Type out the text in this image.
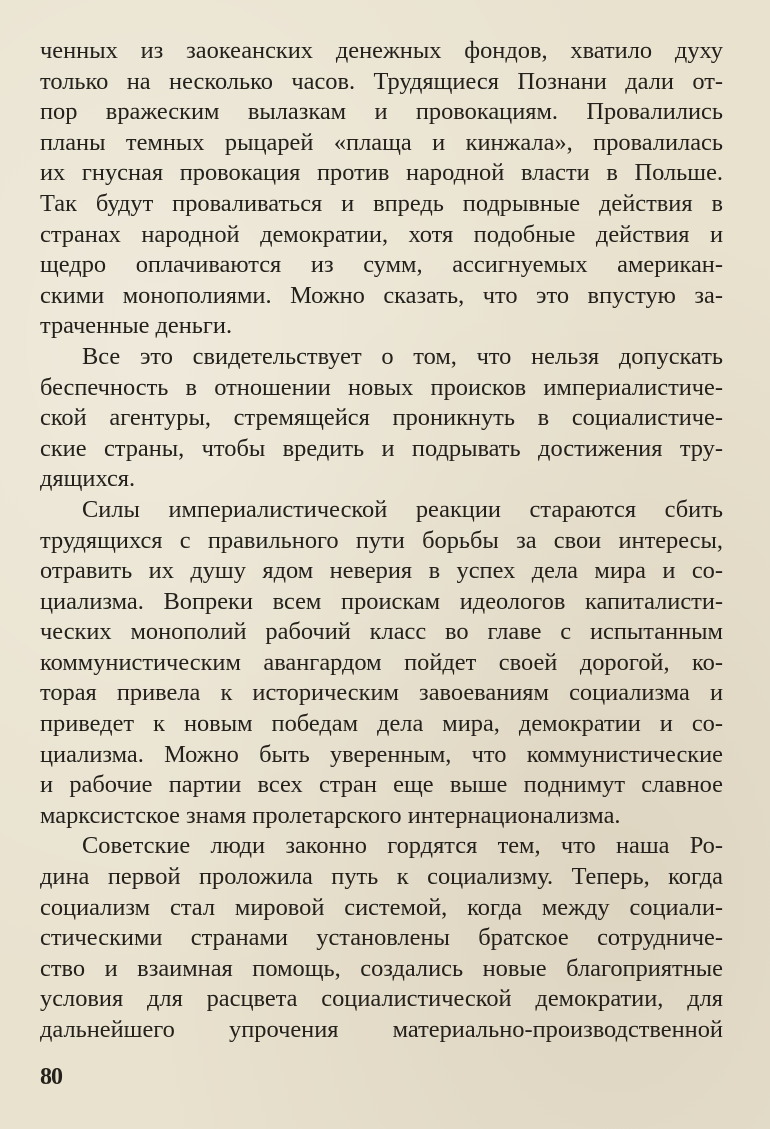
ченных из заокеанских денежных фондов, хватило духу
только на несколько часов. Трудящиеся Познани дали от-
пор вражеским вылазкам и провокациям. Провалились
планы темных рыцарей «плаща и кинжала», провалилась
их гнусная провокация против народной власти в Польше.
Так будут проваливаться и впредь подрывные действия в
странах народной демократии, хотя подобные действия и
щедро оплачиваются из сумм, ассигнуемых американ-
скими монополиями. Можно сказать, что это впустую за-
траченные деньги.
Все это свидетельствует о том, что нельзя допускать
беспечность в отношении новых происков империалистиче-
ской агентуры, стремящейся проникнуть в социалистиче-
ские страны, чтобы вредить и подрывать достижения тру-
дящихся.
Силы империалистической реакции стараются сбить
трудящихся с правильного пути борьбы за свои интересы,
отравить их душу ядом неверия в успех дела мира и со-
циализма. Вопреки всем проискам идеологов капиталисти-
ческих монополий рабочий класс во главе с испытанным
коммунистическим авангардом пойдет своей дорогой, ко-
торая привела к историческим завоеваниям социализма и
приведет к новым победам дела мира, демократии и со-
циализма. Можно быть уверенным, что коммунистические
и рабочие партии всех стран еще выше поднимут славное
марксистское знамя пролетарского интернационализма.
Советские люди законно гордятся тем, что наша Ро-
дина первой проложила путь к социализму. Теперь, когда
социализм стал мировой системой, когда между социали-
стическими странами установлены братское сотрудниче-
ство и взаимная помощь, создались новые благоприятные
условия для расцвета социалистической демократии, для
дальнейшего упрочения материально-производственной
80
